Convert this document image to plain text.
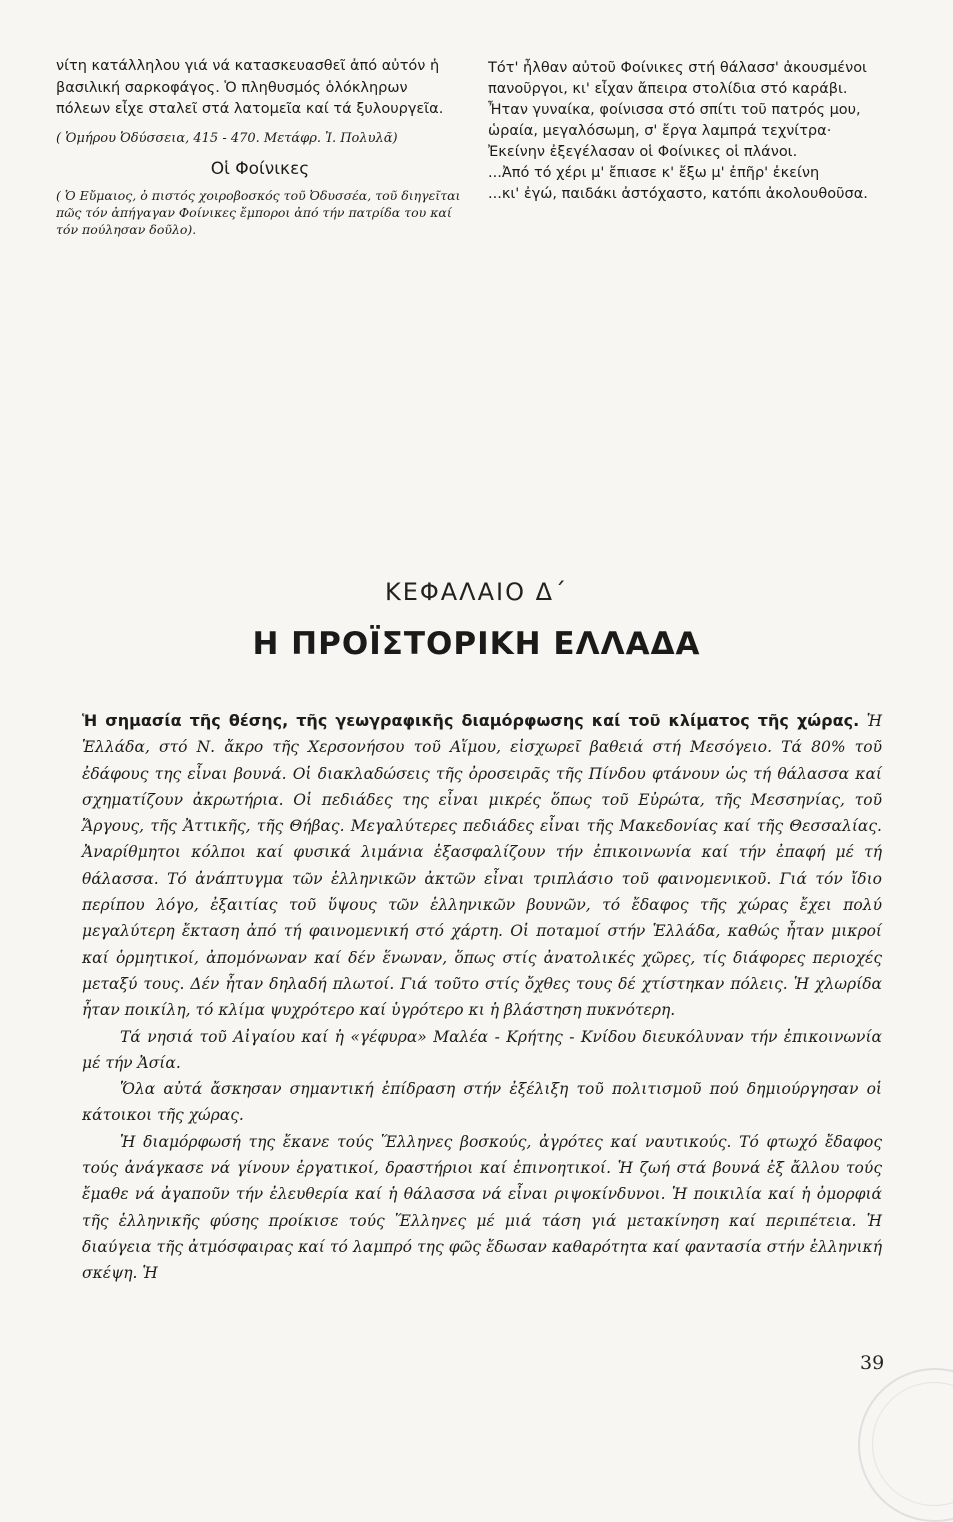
νίτη κατάλληλου γιά νά κατασκευασθεῖ ἀπό αὐτόν ἡ βασιλική σαρκοφάγος. Ὁ πληθυσμός ὁλόκληρων πόλεων εἶχε σταλεῖ στά λατομεῖα καί τά ξυλουργεῖα.

( Ὁμήρου Ὀδύσσεια, 415 - 470. Μετάφρ. Ἰ. Πολυλᾶ)

Οἱ Φοίνικες

( Ὁ Εὔμαιος, ὁ πιστός χοιροβοσκός τοῦ Ὀδυσσέα, τοῦ διηγεῖται πῶς τόν ἀπήγαγαν Φοίνικες ἔμποροι ἀπό τήν πατρίδα του καί τόν πούλησαν δοῦλο).

Τότ' ἦλθαν αὐτοῦ Φοίνικες στή θάλασσ' ἀκουσμένοι

πανοῦργοι, κι' εἶχαν ἄπειρα στολίδια στό καράβι.

Ἦταν γυναίκα, φοίνισσα στό σπίτι τοῦ πατρός μου,

ὡραία, μεγαλόσωμη, σ' ἔργα λαμπρά τεχνίτρα·

Ἐκείνην ἐξεγέλασαν οἱ Φοίνικες οἱ πλάνοι.

...Ἀπό τό χέρι μ' ἔπιασε κ' ἔξω μ' ἐπῆρ' ἐκείνη

...κι' ἐγώ, παιδάκι ἀστόχαστο, κατόπι ἀκολουθοῦσα.

ΚΕΦΑΛΑΙΟ Δ΄
Η ΠΡΟΪΣΤΟΡΙΚΗ ΕΛΛΑΔΑ

Ἡ σημασία τῆς θέσης, τῆς γεωγραφικῆς διαμόρφωσης καί τοῦ κλίματος τῆς χώρας. Ἡ Ἑλλάδα, στό Ν. ἄκρο τῆς Χερσονήσου τοῦ Αἵμου, εἰσχωρεῖ βαθειά στή Μεσόγειο. Τά 80% τοῦ ἐδάφους της εἶναι βουνά. Οἱ διακλαδώσεις τῆς ὀροσειρᾶς τῆς Πίνδου φτάνουν ὡς τή θάλασσα καί σχηματίζουν ἀκρωτήρια. Οἱ πεδιάδες της εἶναι μικρές ὅπως τοῦ Εὐρώτα, τῆς Μεσσηνίας, τοῦ Ἄργους, τῆς Ἀττικῆς, τῆς Θήβας. Μεγαλύτερες πεδιάδες εἶναι τῆς Μακεδονίας καί τῆς Θεσσαλίας. Ἀναρίθμητοι κόλποι καί φυσικά λιμάνια ἐξασφαλίζουν τήν ἐπικοινωνία καί τήν ἐπαφή μέ τή θάλασσα. Τό ἀνάπτυγμα τῶν ἑλληνικῶν ἀκτῶν εἶναι τριπλάσιο τοῦ φαινομενικοῦ. Γιά τόν ἴδιο περίπου λόγο, ἐξαιτίας τοῦ ὕψους τῶν ἑλληνικῶν βουνῶν, τό ἔδαφος τῆς χώρας ἔχει πολύ μεγαλύτερη ἔκταση ἀπό τή φαινομενική στό χάρτη. Οἱ ποταμοί στήν Ἑλλάδα, καθώς ἦταν μικροί καί ὁρμητικοί, ἀπομόνωναν καί δέν ἕνωναν, ὅπως στίς ἀνατολικές χῶρες, τίς διάφορες περιοχές μεταξύ τους. Δέν ἦταν δηλαδή πλωτοί. Γιά τοῦτο στίς ὄχθες τους δέ χτίστηκαν πόλεις. Ἡ χλωρίδα ἦταν ποικίλη, τό κλίμα ψυχρότερο καί ὑγρότερο κι ἡ βλάστηση πυκνότερη.

Τά νησιά τοῦ Αἰγαίου καί ἡ «γέφυρα» Μαλέα - Κρήτης - Κνίδου διευκόλυναν τήν ἐπικοινωνία μέ τήν Ἀσία.

Ὅλα αὐτά ἄσκησαν σημαντική ἐπίδραση στήν ἐξέλιξη τοῦ πολιτισμοῦ πού δημιούργησαν οἱ κάτοικοι τῆς χώρας.

Ἡ διαμόρφωσή της ἔκανε τούς Ἕλληνες βοσκούς, ἀγρότες καί ναυτικούς. Τό φτωχό ἔδαφος τούς ἀνάγκασε νά γίνουν ἐργατικοί, δραστήριοι καί ἐπινοητικοί. Ἡ ζωή στά βουνά ἐξ ἄλλου τούς ἔμαθε νά ἀγαποῦν τήν ἐλευθερία καί ἡ θάλασσα νά εἶναι ριψοκίνδυνοι. Ἡ ποικιλία καί ἡ ὀμορφιά τῆς ἑλληνικῆς φύσης προίκισε τούς Ἕλληνες μέ μιά τάση γιά μετακίνηση καί περιπέτεια. Ἡ διαύγεια τῆς ἀτμόσφαιρας καί τό λαμπρό της φῶς ἔδωσαν καθαρότητα καί φαντασία στήν ἑλληνική σκέψη. Ἡ

39
